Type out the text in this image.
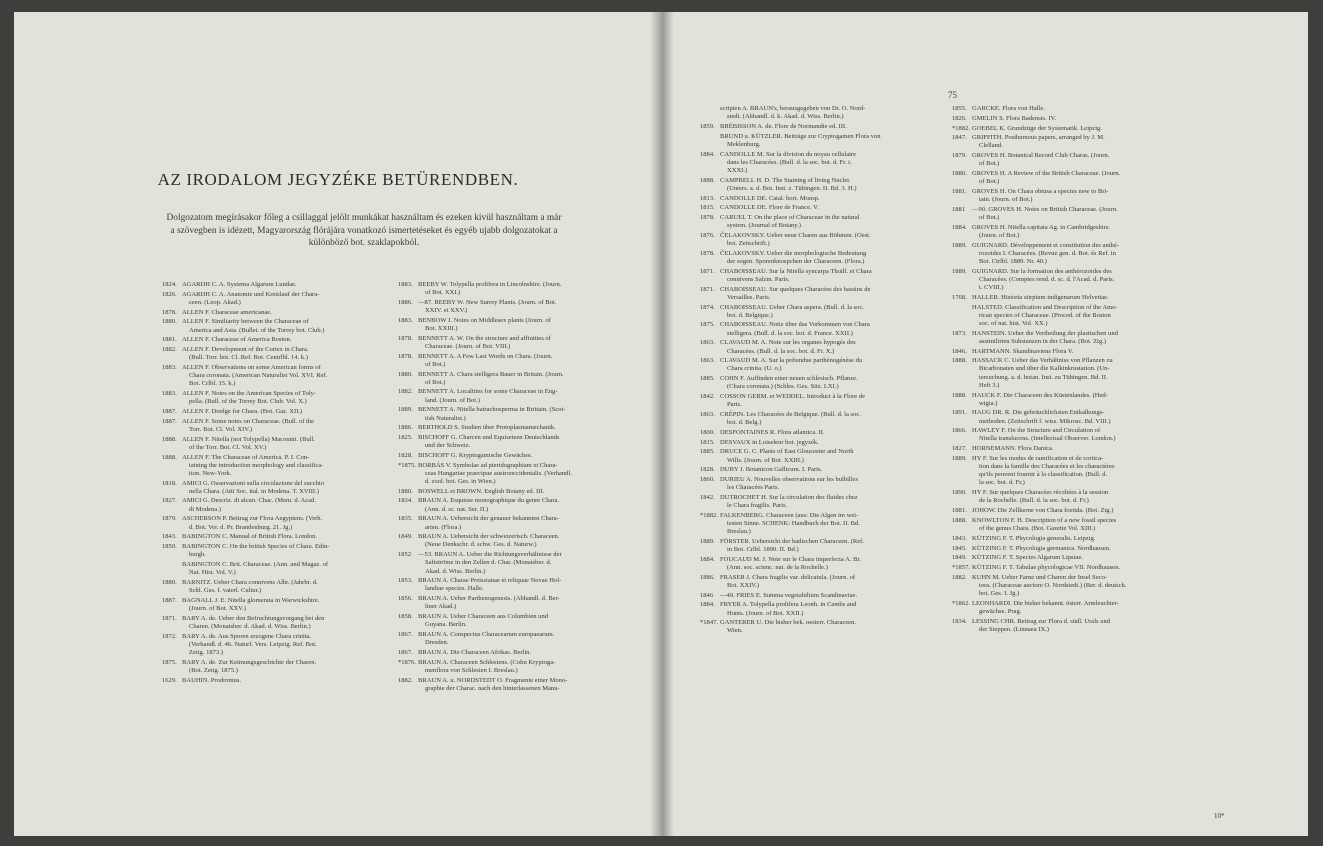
AZ IRODALOM JEGYZÉKE BETÜRENDBEN.
Dolgozatom megírásakor főleg a csillaggal jelölt munkákat használtam és ezeken kivül használtam a már
a szövegben is idézett, Magyarország flórájára vonatkozó ismertetéseket és egyéb ujabb dolgozatokat a
különböző bot. szaklapokból.
1824. AGARDH C. A. Systema Algarum Lundae.
1826. AGARDH C. A. Anatomie und Kreislauf der Chara-
ceen. (Leop. Akad.)
1878. ALLEN F. Characeae americanae.
1880. ALLEN F. Similiarity between the Characeae of
America and Asia. (Bullet. of the Torrey bot. Club.)
1881. ALLEN F. Characeae of America Boston.
1882. ALLEN F. Development of the Cortex in Chara.
(Bull. Torr. bot. Cl. Ref. Bot. Centrlbl. 14. k.)
1883. ALLEN F. Observations on some American forms of
Chara coronata. (American Naturalist Vol. XVI. Ref.
Bot. Crlbl. 15. k.)
1883. ALLEN F. Notes on the American Species of Toly-
pella. (Bull. of the Torrey Bot. Club. Vol. X.)
1887. ALLEN F. Dredge for Chara. (Bot. Gaz. XII.)
1887. ALLEN F. Some notes on Characeae. (Bull. of the
Torr. Bot. Cl. Vol. XIV.)
1888. ALLEN F. Nitella (not Tolypella) Macounii. (Bull.
of the Torr. Bot. Cl. Vol. XV.)
1888. ALLEN F. The Characeae of America. P. I. Con-
taining the introduction morphology and classifica-
tion. New-York.
1818. AMICI G. Osservazioni sulla circolazione del succhio
nella Chara. (Atti Soc. ital. in Modena. T. XVIII.)
1827. AMICI G. Descriz. di alcun. Chac. (Mem. d. Acad.
di Modena.)
1879. ASCHERSON P. Beitrag zur Flora Aegyptens. (Verh.
d. Bot. Ver. d. Pr. Brandenburg. 21. Jg.)
1843. BABINGTON C. Manual of British Flora. London.
1850. BABINGTON C. On the british Species of Chara. Edin-
burgh.
BABINGTON C. Brit. Characeae. (Ann. and Magaz. of
Nat. Hist. Vol. V.)
1880. BARNITZ. Ueber Chara connivens Albr. (Jahrbr. d.
Schl. Ges. f. vaterl. Cultur.)
1887. BAGNALL J. E. Nitella glomerata in Warwickshire.
(Journ. of Bot. XXV.)
1871. BARY A. de. Ueber den Befruchtungsvorgang bei den
Charen. (Monatsber. d. Akad. d. Wiss. Berlin.)
1872. BARY A. de. Aus Sporen erzogene Chara crinita.
(Verhandl. d. 46. Naturf. Vers. Leipzig. Ref. Bot.
Zeitg. 1873.)
1875. BARY A. de. Zur Keimungsgeschichte der Charen.
(Bot. Zeitg. 1875.)
1629. BAUHIN. Prodromus.
1883. BEEBY W. Tolypella prolifera in Lincolnshire. (Journ.
of Bot. XXI.)
1886. —87. BEEBY W. New Surrey Plants. (Journ. of Bot.
XXIV. et XXV.)
1883. BENBOW J. Notes on Middlesex plants (Journ. of
Bot. XXIII.)
1878. BENNETT A. W. On the structure and affinities of
Characeae. (Journ. of Bot. VIII.)
1878. BENNETT A. A Few Last Words on Chara. (Journ.
of Bot.)
1880. BENNETT A. Chara stelligera Bauer in Britain. (Journ.
of Bot.)
1882. BENNETT A. Localities for some Characeae in Eng-
land. (Journ. of Bot.)
1889. BENNETT A. Nitella batrachosperma in Brittain. (Scot-
tish Naturalist.)
1886. BERTHOLD S. Studien über Protoplasmamechanik.
1825. BISCHOFF G. Charcen und Equiseteen Deutschlands
und der Schweiz.
1828. BISCHOFF G. Kryptogamische Gewächse.
*1875. BORBÁS V. Symbolae ad pteridographiam et Chara-
ceas Hungariae praecipue austrooccidentalis. (Verhandl.
d. zool. bot. Ges. in Wien.)
1880. BOSWELL et BROWN. English Botany ed. III.
1834. BRAUN A. Esquisse monographique du genre Chara.
(Ann. d. sc. nat. Ser. II.)
1835. BRAUN A. Uebersicht der genauer bekannten Chara-
arten. (Flora.)
1849. BRAUN A. Uebersicht der schweizerisch. Characeen.
(Neue Denkschr. d. schw. Ges. d. Naturw.)
1852 —53. BRAUN A. Ueber die Richtungsverhältnisse der
Saftströme in den Zellen d. Char. (Monatsber. d.
Akad. d. Wiss. Berlin.)
1853. BRAUN A. Charae Preissianae et reliquae Novae Hol-
landiae species. Halle.
1856. BRAUN A. Ueber Parthenogenesis. (Abhandl. d. Ber-
liner Akad.)
1858. BRAUN A. Ueber Characeen aus Columbien und
Guyana. Berlin.
1867. BRAUN A. Conspectus Characearum europaearum.
Dresden.
1867. BRAUN A. Die Characeen Afrikas. Berlin.
*1876. BRAUN A. Characeen Schlesiens. (Cohn Kryptoga-
menflora von Schlesien I. Breslau.)
1882. BRAUN A. u. NORDSTEDT O. Fragmente einer Mono-
graphie der Charac. nach den hinterlassenen Manu-
75
scripten A. BRAUN's, herausgegeben von Dr. O. Nord-
stedt. (Abhandl. d. k. Akad. d. Wiss. Berlin.)
1859. BRÉBISSON A. de. Flore de Normandie ed. III.
BRUND u. KÜTZLER. Beiträge zur Cryptogamen Flora von
Meklenburg.
1884. CANDOLLE M. Sur la division du noyau cellulaire
dans les Characées. (Bull. d. la soc. bot. d. Fr. t.
XXXI.)
1888. CAMPBELL H. D. The Staining of living Nuclei.
(Unters. a. d. Bot. Inst. z. Tübingen. II. Bd. 3. H.)
1813. CANDOLLE DE. Catal. hort. Monsp.
1815. CANDOLLE DE. Flore de France. V.
1878. CARUEL T. On the place of Characeae in the natural
system. (Journal of Botany.)
1876. ČELAKOVSKY. Ueber neue Charen aus Böhmen. (Oest.
bot. Zeitschrift.)
1878. ČELAKOVSKY. Ueber die morphologische Bedeutung
der sogen. Sporenknospchen der Characeen. (Flora.)
1871. CHABOISSEAU. Sur la Nitella syncarpa Thuill. et Chara
connivens Salzm. Paris.
1871. CHABOISSEAU. Sur quelques Characées des bassins de
Versailles. Paris.
1874. CHABOISSEAU. Ueber Chara aspera. (Bull. d. la soc.
bot. d. Belgique.)
1875. CHABOISSEAU. Notiz über das Vorkommen von Chara
stelligera. (Bull. d. la soc. bot. d. France. XXII.)
1863. CLAVAUD M. A. Note sur les organes hypogés des
Characées. (Bull. d. la soc. bot. d. Fr. X.)
1863. CLAVAUD M. A. Sur la prétendue parthénogénèse du
Chara crinita. (U. o.)
1885. COHN F. Auffinden einer neuen schlesisch. Pflanze.
(Chara coronata.) (Schles. Ges. Sitz. LXI.)
1842. COSSON GERM. et WEDDEL. Introduct à la Flore de
Paris.
1863. CRÉPIN. Les Characées de Belgique. (Bull. d. la soc.
bot. d. Belg.)
1800. DESFONTAINES R. Flora atlantica. II.
1815. DESVAUX in Loiseleur bot. jegyzék.
1885. DRUCE G. C. Plants of East Gloucester and North
Wills. (Journ. of Bot. XXIII.)
1828. DUBY J. Botanicon Gallicum. I. Paris.
1860. DURIEU A. Nouvelles observations sur les bulbilles
les Characées Paris.
1842. DUTROCHET H. Sur la circulation des fluides chez
le Chara fragilis. Paris.
*1882. FALKENBERG. Characeen (aus: Die Algen im wei-
testen Sinne. SCHENK: Handbuch der Bot. II. Bd.
Breslau.)
1889. FÖRSTER. Uebersicht der badischen Characeen. (Ref.
in Bot. Crlbl. 1890. II. Bd.)
1884. FOUCAUD M. J. Note sur le Chara imperfecta A. Br.
(Ann. soc. scienc. nat. de la Rochelle.)
1886. FRASER J. Chara fragilis var. delicatula. (Journ. of
Bot. XXIV.)
1846 —49. FRIES E. Summa vegetabilium Scandinaviae.
1884. FRYER A. Tolypella prolifera Leonh. in Cambs and
Hunts. (Journ. of Bot. XXII.)
*1847. GANTERER U. Die bisher bek. oesterr. Characeen.
Wien.
1855. GARCKE. Flora von Halle.
1826. GMELIN S. Flora Badensis. IV.
*1882. GOEBEL K. Grundzüge der Systematik. Leipzig.
1847. GRIFFITH. Posthumous papers, arranged by J. M.
Clelland.
1879. GROVES H. Botanical Record Club Charas. (Journ.
of Bot.)
1880. GROVES H. A Review of the British Characeae. (Journ.
of Bot.)
1881. GROVES H. On Chara obtusa a species new to Bri-
tain. (Journ. of Bot.)
1881 —90. GROVES H. Notes on British Characeae. (Journ.
of Bot.)
1884. GROVES H. Nitella capitata Ag. in Cambridgeshire.
(Journ. of Bot.)
1889. GUIGNARD. Développement et constitution des anthé-
rozoides I. Characées. (Revue gen. d. Bot. és Ref. in
Bot. Ctrlbl. 1889. Nr. 40.)
1889. GUIGNARD. Sur la formation des anthérozoides des
Characées. (Comptes rend. d. sc. d. l'Acad. d. Paris.
t. CVIII.)
1768. HALLER. Historia stirpium indigenarum Helvetiae.
HALSTED. Classification and Description of the Ame-
rican species of Characeae. (Proced. of the Boston
soc. of nat. hist. Vol. XX.)
1873. HANSTEIN. Ueber die Vertheilung der plastischen und
assimilirten Substanzen in der Chara. (Bot. Ztg.)
1846. HARTMANN. Skandinaviens Flora V.
1888. HASSACK C. Ueber das Verhältniss von Pflanzen zu
Bicarbonaten und über die Kalkinkrustation. (Un-
tersuchung. a. d. botan. Inst. zu Tübingen. Bd. II.
Heft 3.)
1888. HAUCK F. Die Characeen des Küstenlandes. (Hed-
wigia.)
1891. HAUG DR. R. Die gebräuchlichsten Entkalkungs-
methoden. (Zeitschrift f. wiss. Mikrosc. Bd. VIII.)
1866. HAWLEY F. On the Structure and Circulation of
Nitella translucens. (Intellectual Observer. London.)
1827. HORNEMANN. Flora Danica.
1889. HY F. Sur les modes de ramification et de cortica-
tion dans la famille des Characées et les charactères
qu'ils peuvent fournir à la classification. (Bull. d.
la soc. bot. d. Fr.)
1890. HY F. Sur quelques Characées récoltées à la session
de la Rochelle. (Bull. d. la soc. bot. d. Fr.)
1881. JOHOW. Die Zellkerne von Chara foetida. (Bot. Ztg.)
1888. KNOWLTON F. H. Description of a new fossil species
of the genus Chara. (Bot. Gazette Vol. XIII.)
1843. KÜTZING F. T. Phycologia generalis. Leipzig.
1845. KÜTZING F. T. Phycologia germanica. Nordhausen.
1849. KÜTZING F. T. Species Algarum Lipsiae.
*1857. KÜTZING F. T. Tabulae phycologicae VII. Nordhausen.
1882. KUHN M. Ueber Farne und Charen der Insel Seco-
tora. (Characeae auctore O. Nordstedt.) (Ber. d. deutsch.
bot. Ges. I. Jg.)
*1862. LEONHARDI. Die bisher bekannt. österr. Armleuchter-
gewächse. Prag.
1834. LESSING CHR. Beitrag zur Flora d. südl. Urals und
der Steppen. (Linnaea IX.)
10*
